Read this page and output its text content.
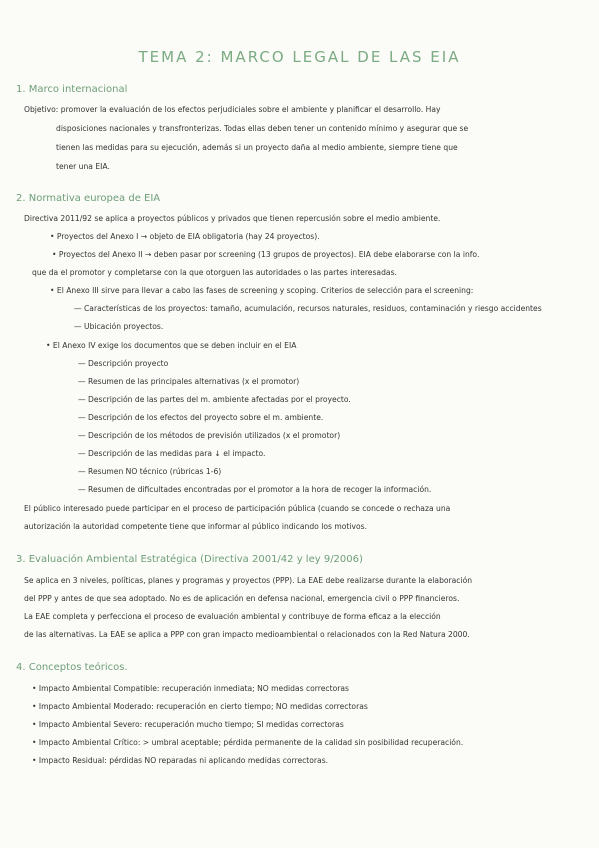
TEMA 2: MARCO LEGAL DE LAS EIA
1. Marco internacional
Objetivo: promover la evaluación de los efectos perjudiciales sobre el ambiente y planificar el desarrollo. Hay
disposiciones nacionales y transfronterizas. Todas ellas deben tener un contenido mínimo y asegurar que se
tienen las medidas para su ejecución, además si un proyecto daña al medio ambiente, siempre tiene que
tener una EIA.
2. Normativa europea de EIA
Directiva 2011/92 se aplica a proyectos públicos y privados que tienen repercusión sobre el medio ambiente.
• Proyectos del Anexo I → objeto de EIA obligatoria (hay 24 proyectos).
• Proyectos del Anexo II → deben pasar por screening (13 grupos de proyectos). EIA debe elaborarse con la info.
que da el promotor y completarse con la que otorguen las autoridades o las partes interesadas.
• El Anexo III sirve para llevar a cabo las fases de screening y scoping. Criterios de selección para el screening:
— Características de los proyectos: tamaño, acumulación, recursos naturales, residuos, contaminación y riesgo accidentes
— Ubicación proyectos.
• El Anexo IV exige los documentos que se deben incluir en el EIA
— Descripción proyecto
— Resumen de las principales alternativas (x el promotor)
— Descripción de las partes del m. ambiente afectadas por el proyecto.
— Descripción de los efectos del proyecto sobre el m. ambiente.
— Descripción de los métodos de previsión utilizados (x el promotor)
— Descripción de las medidas para ↓ el impacto.
— Resumen NO técnico (rúbricas 1-6)
— Resumen de dificultades encontradas por el promotor a la hora de recoger la información.
El público interesado puede participar en el proceso de participación pública (cuando se concede o rechaza una
autorización la autoridad competente tiene que informar al público indicando los motivos.
3. Evaluación Ambiental Estratégica (Directiva 2001/42 y ley 9/2006)
Se aplica en 3 niveles, políticas, planes y programas y proyectos (PPP). La EAE debe realizarse durante la elaboración
del PPP y antes de que sea adoptado. No es de aplicación en defensa nacional, emergencia civil o PPP financieros.
La EAE completa y perfecciona el proceso de evaluación ambiental y contribuye de forma eficaz a la elección
de las alternativas. La EAE se aplica a PPP con gran impacto medioambiental o relacionados con la Red Natura 2000.
4. Conceptos teóricos.
• Impacto Ambiental Compatible: recuperación inmediata; NO medidas correctoras
• Impacto Ambiental Moderado: recuperación en cierto tiempo; NO medidas correctoras
• Impacto Ambiental Severo: recuperación mucho tiempo; SI medidas correctoras
• Impacto Ambiental Crítico: > umbral aceptable; pérdida permanente de la calidad sin posibilidad recuperación.
• Impacto Residual: pérdidas NO reparadas ni aplicando medidas correctoras.
